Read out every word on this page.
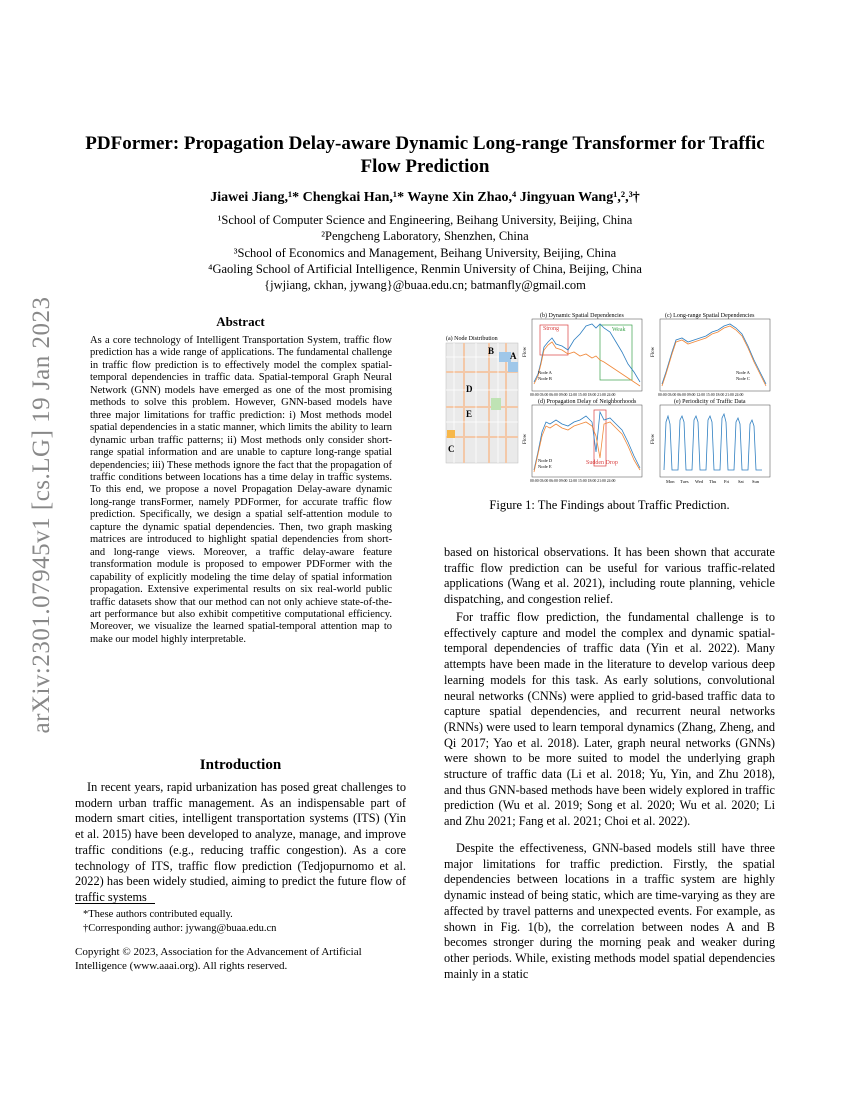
arXiv:2301.07945v1 [cs.LG] 19 Jan 2023
PDFormer: Propagation Delay-aware Dynamic Long-range Transformer for Traffic Flow Prediction
Jiawei Jiang,¹* Chengkai Han,¹* Wayne Xin Zhao,⁴ Jingyuan Wang¹,²,³†
¹School of Computer Science and Engineering, Beihang University, Beijing, China
²Pengcheng Laboratory, Shenzhen, China
³School of Economics and Management, Beihang University, Beijing, China
⁴Gaoling School of Artificial Intelligence, Renmin University of China, Beijing, China
{jwjiang, ckhan, jywang}@buaa.edu.cn; batmanfly@gmail.com
Abstract
As a core technology of Intelligent Transportation System, traffic flow prediction has a wide range of applications. The fundamental challenge in traffic flow prediction is to effectively model the complex spatial-temporal dependencies in traffic data. Spatial-temporal Graph Neural Network (GNN) models have emerged as one of the most promising methods to solve this problem. However, GNN-based models have three major limitations for traffic prediction: i) Most methods model spatial dependencies in a static manner, which limits the ability to learn dynamic urban traffic patterns; ii) Most methods only consider short-range spatial information and are unable to capture long-range spatial dependencies; iii) These methods ignore the fact that the propagation of traffic conditions between locations has a time delay in traffic systems. To this end, we propose a novel Propagation Delay-aware dynamic long-range transFormer, namely PDFormer, for accurate traffic flow prediction. Specifically, we design a spatial self-attention module to capture the dynamic spatial dependencies. Then, two graph masking matrices are introduced to highlight spatial dependencies from short- and long-range views. Moreover, a traffic delay-aware feature transformation module is proposed to empower PDFormer with the capability of explicitly modeling the time delay of spatial information propagation. Extensive experimental results on six real-world public traffic datasets show that our method can not only achieve state-of-the-art performance but also exhibit competitive computational efficiency. Moreover, we visualize the learned spatial-temporal attention map to make our model highly interpretable.
Introduction
In recent years, rapid urbanization has posed great challenges to modern urban traffic management. As an indispensable part of modern smart cities, intelligent transportation systems (ITS) (Yin et al. 2015) have been developed to analyze, manage, and improve traffic conditions (e.g., reducing traffic congestion). As a core technology of ITS, traffic flow prediction (Tedjopurnomo et al. 2022) has been widely studied, aiming to predict the future flow of traffic systems
*These authors contributed equally.
†Corresponding author: jywang@buaa.edu.cn
Copyright © 2023, Association for the Advancement of Artificial Intelligence (www.aaai.org). All rights reserved.
(a) Node Distribution
B A
D
E
C
(b) Dynamic Spatial Dependencies
Strong	Weak
Node A
Node B
Flow
00:00 03:00 06:00 09:00 12:00 15:00 18:00 21:00 24:00
(c) Long-range Spatial Dependencies
Node A
Node C
Flow
00:00 03:00 06:00 09:00 12:00 15:00 18:00 21:00 24:00
(d) Propagation Delay of Neighborhoods
Sudden Drop
Node D
Node E
Flow
00:00 03:00 06:00 09:00 12:00 15:00 18:00 21:00 24:00
(e) Periodicity of Traffic Data
Flow
Mon Tues Wed Thu Fri Sat Sun
Figure 1: The Findings about Traffic Prediction.
based on historical observations. It has been shown that accurate traffic flow prediction can be useful for various traffic-related applications (Wang et al. 2021), including route planning, vehicle dispatching, and congestion relief.
For traffic flow prediction, the fundamental challenge is to effectively capture and model the complex and dynamic spatial-temporal dependencies of traffic data (Yin et al. 2022). Many attempts have been made in the literature to develop various deep learning models for this task. As early solutions, convolutional neural networks (CNNs) were applied to grid-based traffic data to capture spatial dependencies, and recurrent neural networks (RNNs) were used to learn temporal dynamics (Zhang, Zheng, and Qi 2017; Yao et al. 2018). Later, graph neural networks (GNNs) were shown to be more suited to model the underlying graph structure of traffic data (Li et al. 2018; Yu, Yin, and Zhu 2018), and thus GNN-based methods have been widely explored in traffic prediction (Wu et al. 2019; Song et al. 2020; Wu et al. 2020; Li and Zhu 2021; Fang et al. 2021; Choi et al. 2022).
Despite the effectiveness, GNN-based models still have three major limitations for traffic prediction. Firstly, the spatial dependencies between locations in a traffic system are highly dynamic instead of being static, which are time-varying as they are affected by travel patterns and unexpected events. For example, as shown in Fig. 1(b), the correlation between nodes A and B becomes stronger during the morning peak and weaker during other periods. While, existing methods model spatial dependencies mainly in a static
